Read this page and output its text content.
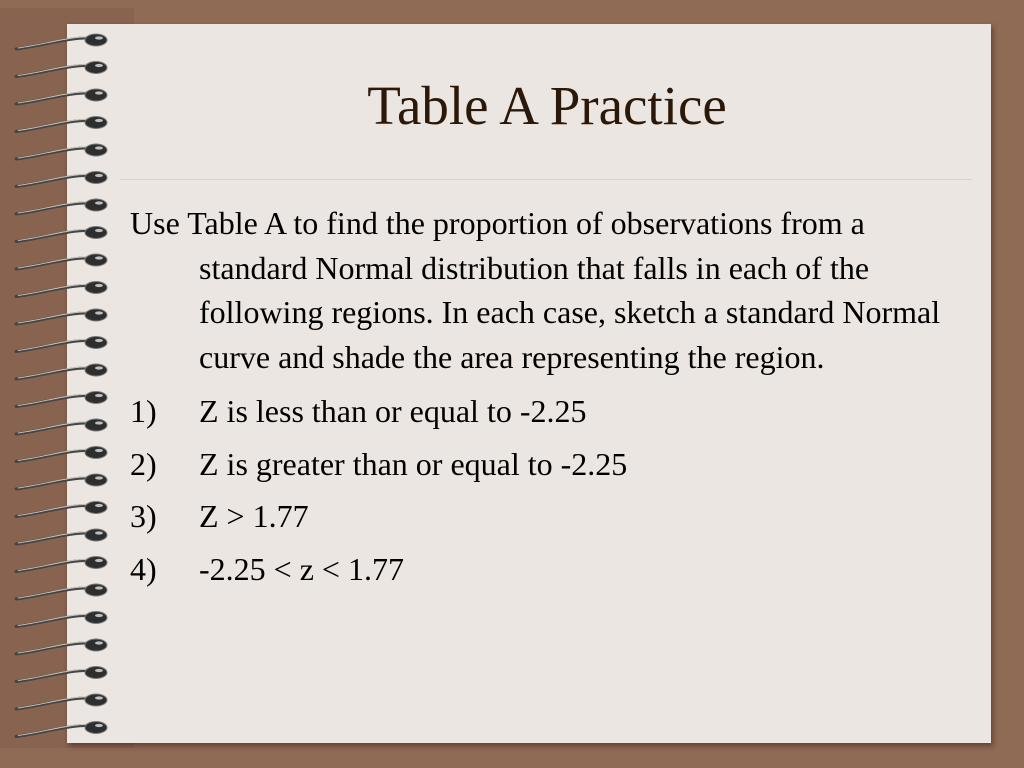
Table A Practice

Use Table A to find the proportion of observations from a standard Normal distribution that falls in each of the following regions. In each case, sketch a standard Normal curve and shade the area representing the region.

1) Z is less than or equal to -2.25
2) Z is greater than or equal to -2.25
3) Z > 1.77
4) -2.25 < z < 1.77
